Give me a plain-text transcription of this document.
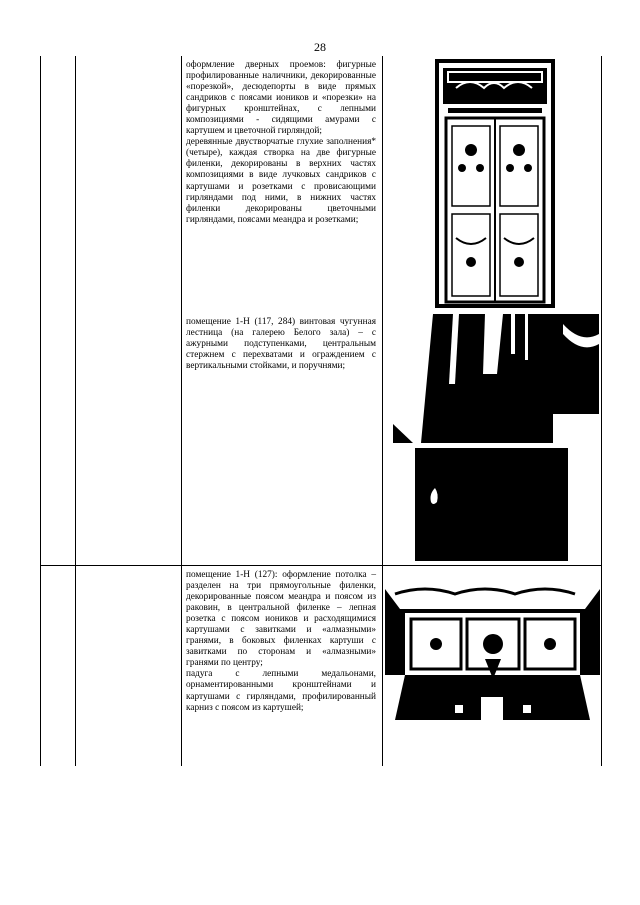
28

оформление дверных проемов: фигурные профилированные наличники, декорированные «порезкой», десюдепорты в виде прямых сандриков с поясами иоников и «порезки» на фигурных кронштейнах, с лепными композициями - сидящими амурами с картушем и цветочной гирляндой;

деревянные двустворчатые глухие заполнения* (четыре), каждая створка на две фигурные филенки, декорированы в верхних частях композициями в виде лучковых сандриков с картушами и розетками с провисающими гирляндами под ними, в нижних частях филенки декорированы цветочными гирляндами, поясами меандра и розетками;

помещение 1-Н (117, 284) винтовая чугунная лестница (на галерею Белого зала) – с ажурными подступенками, центральным стержнем с перехватами и ограждением с вертикальными стойками, и поручнями;

помещение 1-Н (127): оформление потолка – разделен на три прямоугольные филенки, декорированные поясом меандра и поясом из раковин, в центральной филенке – лепная розетка с поясом иоников и расходящимися картушами с завитками и «алмазными» гранями, в боковых филенках картуши с завитками по сторонам и «алмазными» гранями по центру;

падуга с лепными медальонами, орнаментированными кронштейнами и картушами с гирляндами, профилированный карниз с поясом из картушей;
